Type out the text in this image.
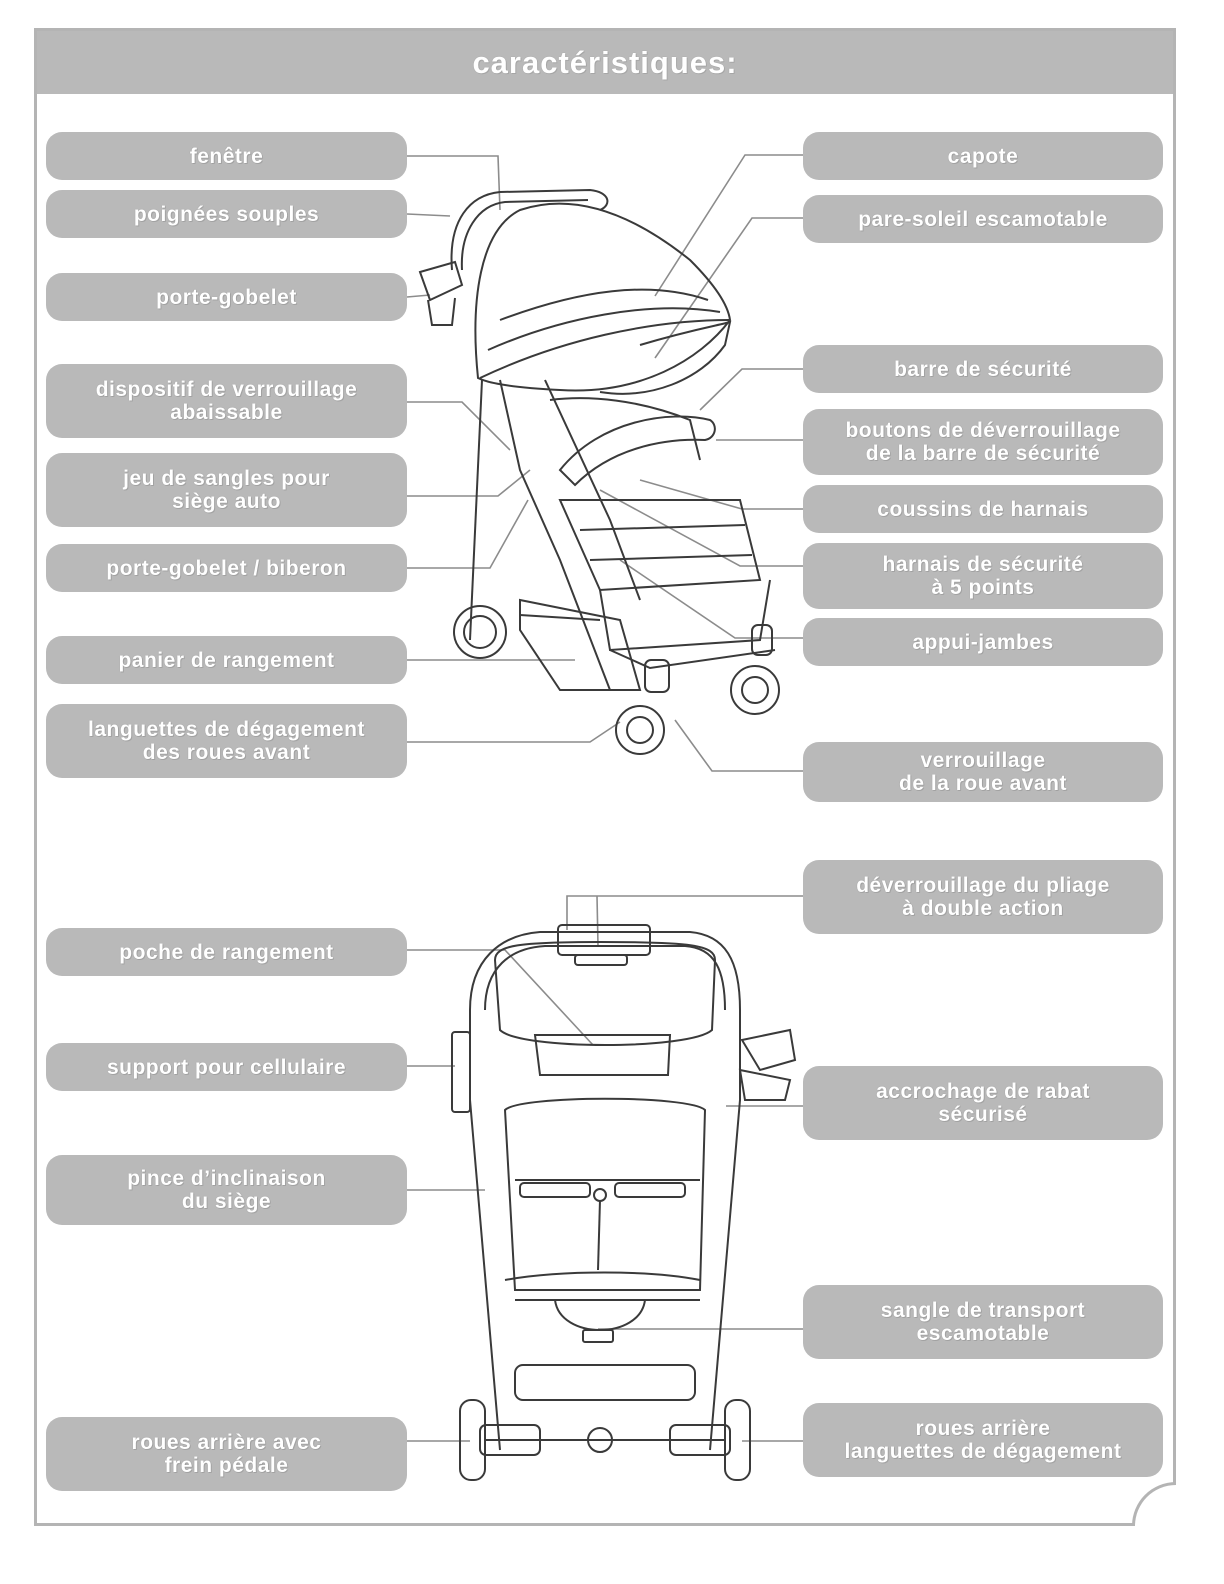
caractéristiques:
fenêtre
poignées souples
porte-gobelet
dispositif de verrouillage
abaissable
jeu de sangles pour
siège auto
porte-gobelet / biberon
panier de rangement
languettes de dégagement
des roues avant
capote
pare-soleil escamotable
barre de sécurité
boutons de déverrouillage
de la barre de sécurité
coussins de harnais
harnais de sécurité
à 5 points
appui-jambes
verrouillage
de la roue avant
déverrouillage du pliage
à double action
poche de rangement
support pour cellulaire
accrochage de rabat
sécurisé
pince d’inclinaison
du siège
sangle de transport
escamotable
roues arrière avec
frein pédale
roues arrière
languettes de dégagement
